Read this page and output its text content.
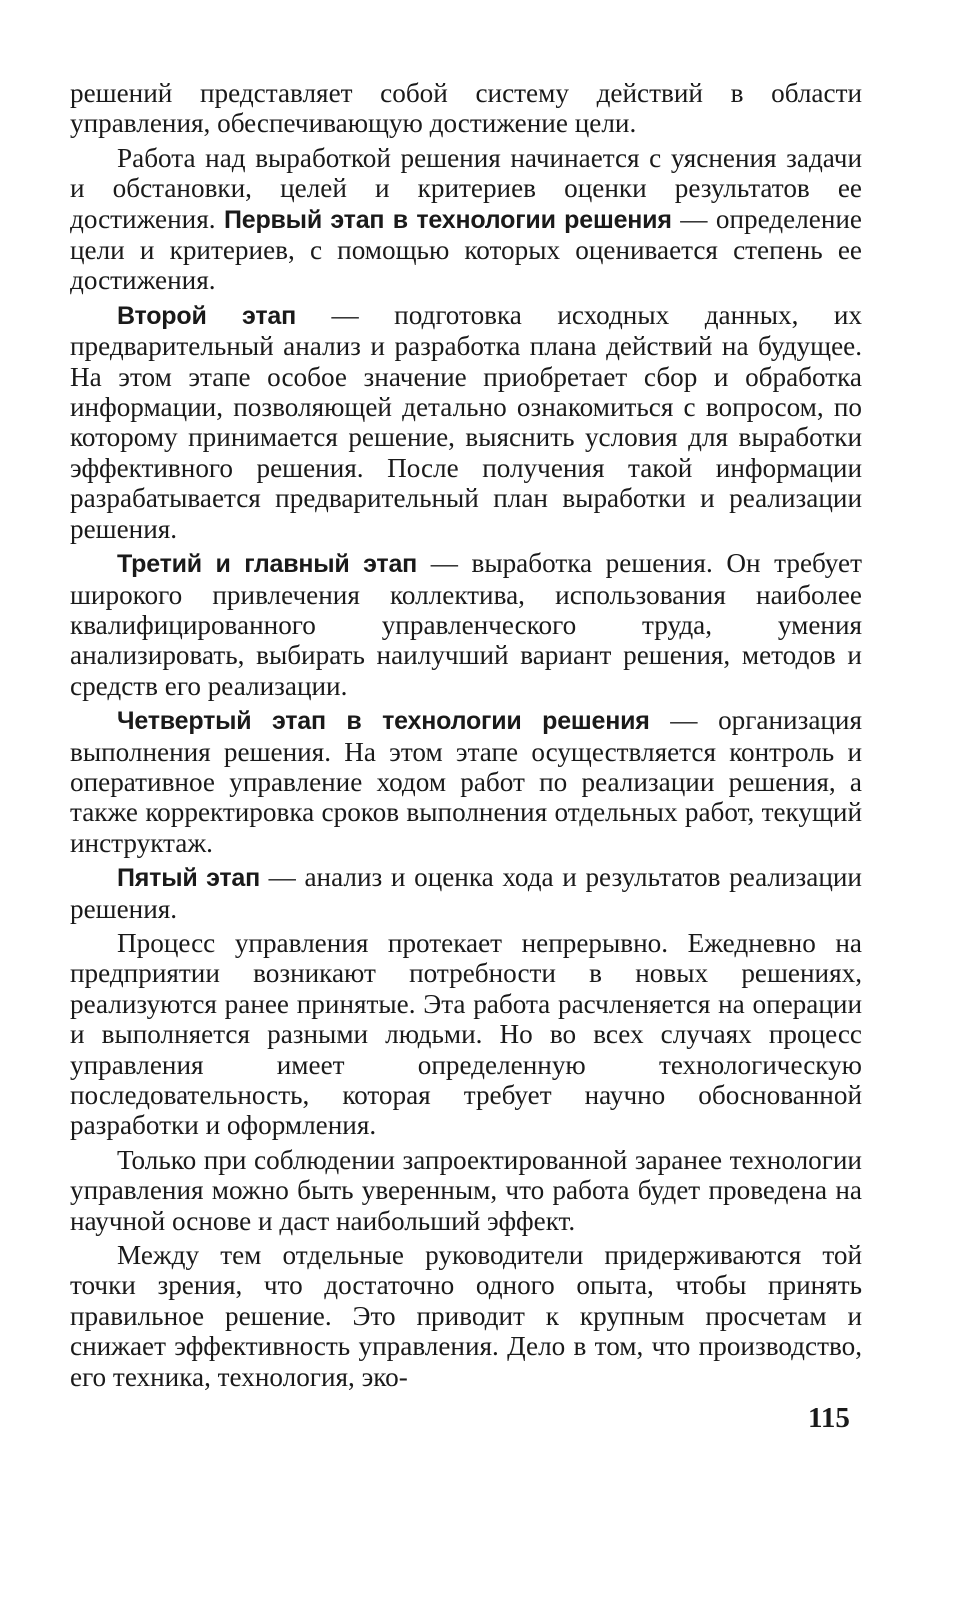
решений представляет собой систему действий в области управления, обеспечивающую достижение цели.

Работа над выработкой решения начинается с уяснения задачи и обстановки, целей и критериев оценки результатов ее достижения. Первый этап в технологии решения — определение цели и критериев, с помощью которых оценивается степень ее достижения.

Второй этап — подготовка исходных данных, их предварительный анализ и разработка плана действий на будущее. На этом этапе особое значение приобретает сбор и обработка информации, позволяющей детально ознакомиться с вопросом, по которому принимается решение, выяснить условия для выработки эффективного решения. После получения такой информации разрабатывается предварительный план выработки и реализации решения.

Третий и главный этап — выработка решения. Он требует широкого привлечения коллектива, использования наиболее квалифицированного управленческого труда, умения анализировать, выбирать наилучший вариант решения, методов и средств его реализации.

Четвертый этап в технологии решения — организация выполнения решения. На этом этапе осуществляется контроль и оперативное управление ходом работ по реализации решения, а также корректировка сроков выполнения отдельных работ, текущий инструктаж.

Пятый этап — анализ и оценка хода и результатов реализации решения.

Процесс управления протекает непрерывно. Ежедневно на предприятии возникают потребности в новых решениях, реализуются ранее принятые. Эта работа расчленяется на операции и выполняется разными людьми. Но во всех случаях процесс управления имеет определенную технологическую последовательность, которая требует научно обоснованной разработки и оформления.

Только при соблюдении запроектированной заранее технологии управления можно быть уверенным, что работа будет проведена на научной основе и даст наибольший эффект.

Между тем отдельные руководители придерживаются той точки зрения, что достаточно одного опыта, чтобы принять правильное решение. Это приводит к крупным просчетам и снижает эффективность управления. Дело в том, что производство, его техника, технология, эко-

115
